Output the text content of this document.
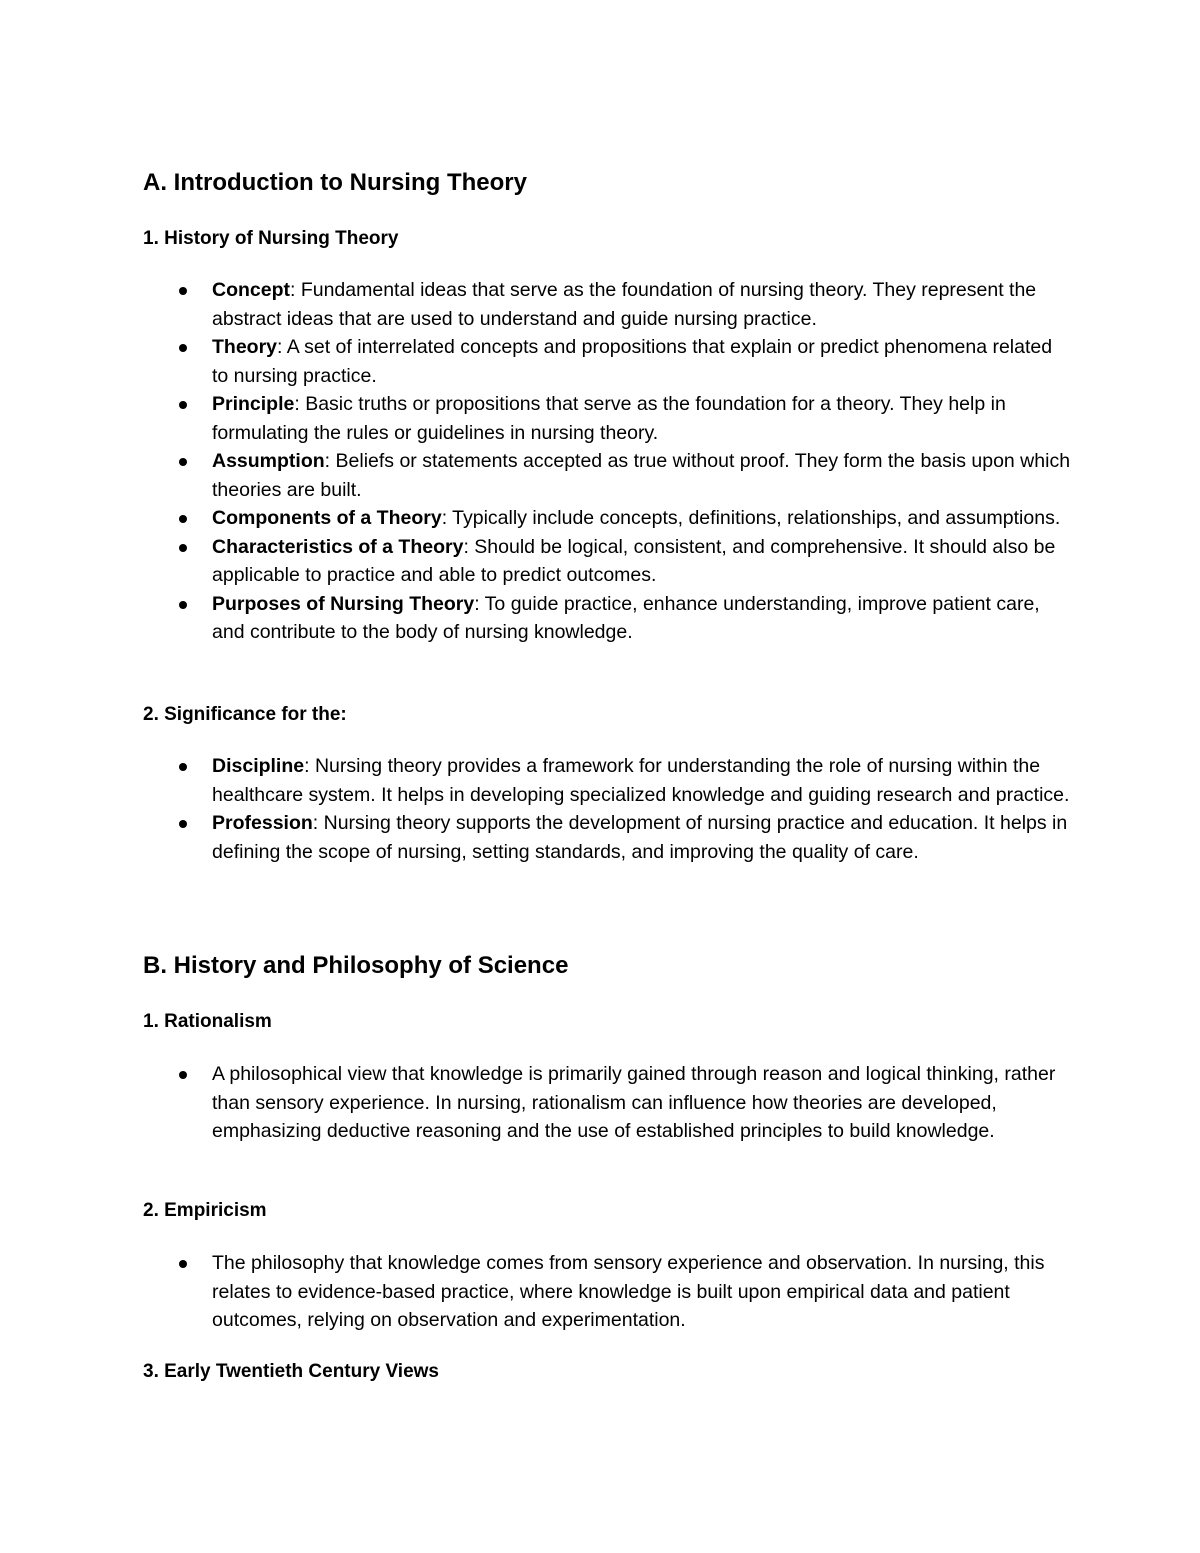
A. Introduction to Nursing Theory
1. History of Nursing Theory
Concept: Fundamental ideas that serve as the foundation of nursing theory. They represent the abstract ideas that are used to understand and guide nursing practice.
Theory: A set of interrelated concepts and propositions that explain or predict phenomena related to nursing practice.
Principle: Basic truths or propositions that serve as the foundation for a theory. They help in formulating the rules or guidelines in nursing theory.
Assumption: Beliefs or statements accepted as true without proof. They form the basis upon which theories are built.
Components of a Theory: Typically include concepts, definitions, relationships, and assumptions.
Characteristics of a Theory: Should be logical, consistent, and comprehensive. It should also be applicable to practice and able to predict outcomes.
Purposes of Nursing Theory: To guide practice, enhance understanding, improve patient care, and contribute to the body of nursing knowledge.
2. Significance for the:
Discipline: Nursing theory provides a framework for understanding the role of nursing within the healthcare system. It helps in developing specialized knowledge and guiding research and practice.
Profession: Nursing theory supports the development of nursing practice and education. It helps in defining the scope of nursing, setting standards, and improving the quality of care.
B. History and Philosophy of Science
1. Rationalism
A philosophical view that knowledge is primarily gained through reason and logical thinking, rather than sensory experience. In nursing, rationalism can influence how theories are developed, emphasizing deductive reasoning and the use of established principles to build knowledge.
2. Empiricism
The philosophy that knowledge comes from sensory experience and observation. In nursing, this relates to evidence-based practice, where knowledge is built upon empirical data and patient outcomes, relying on observation and experimentation.
3. Early Twentieth Century Views
